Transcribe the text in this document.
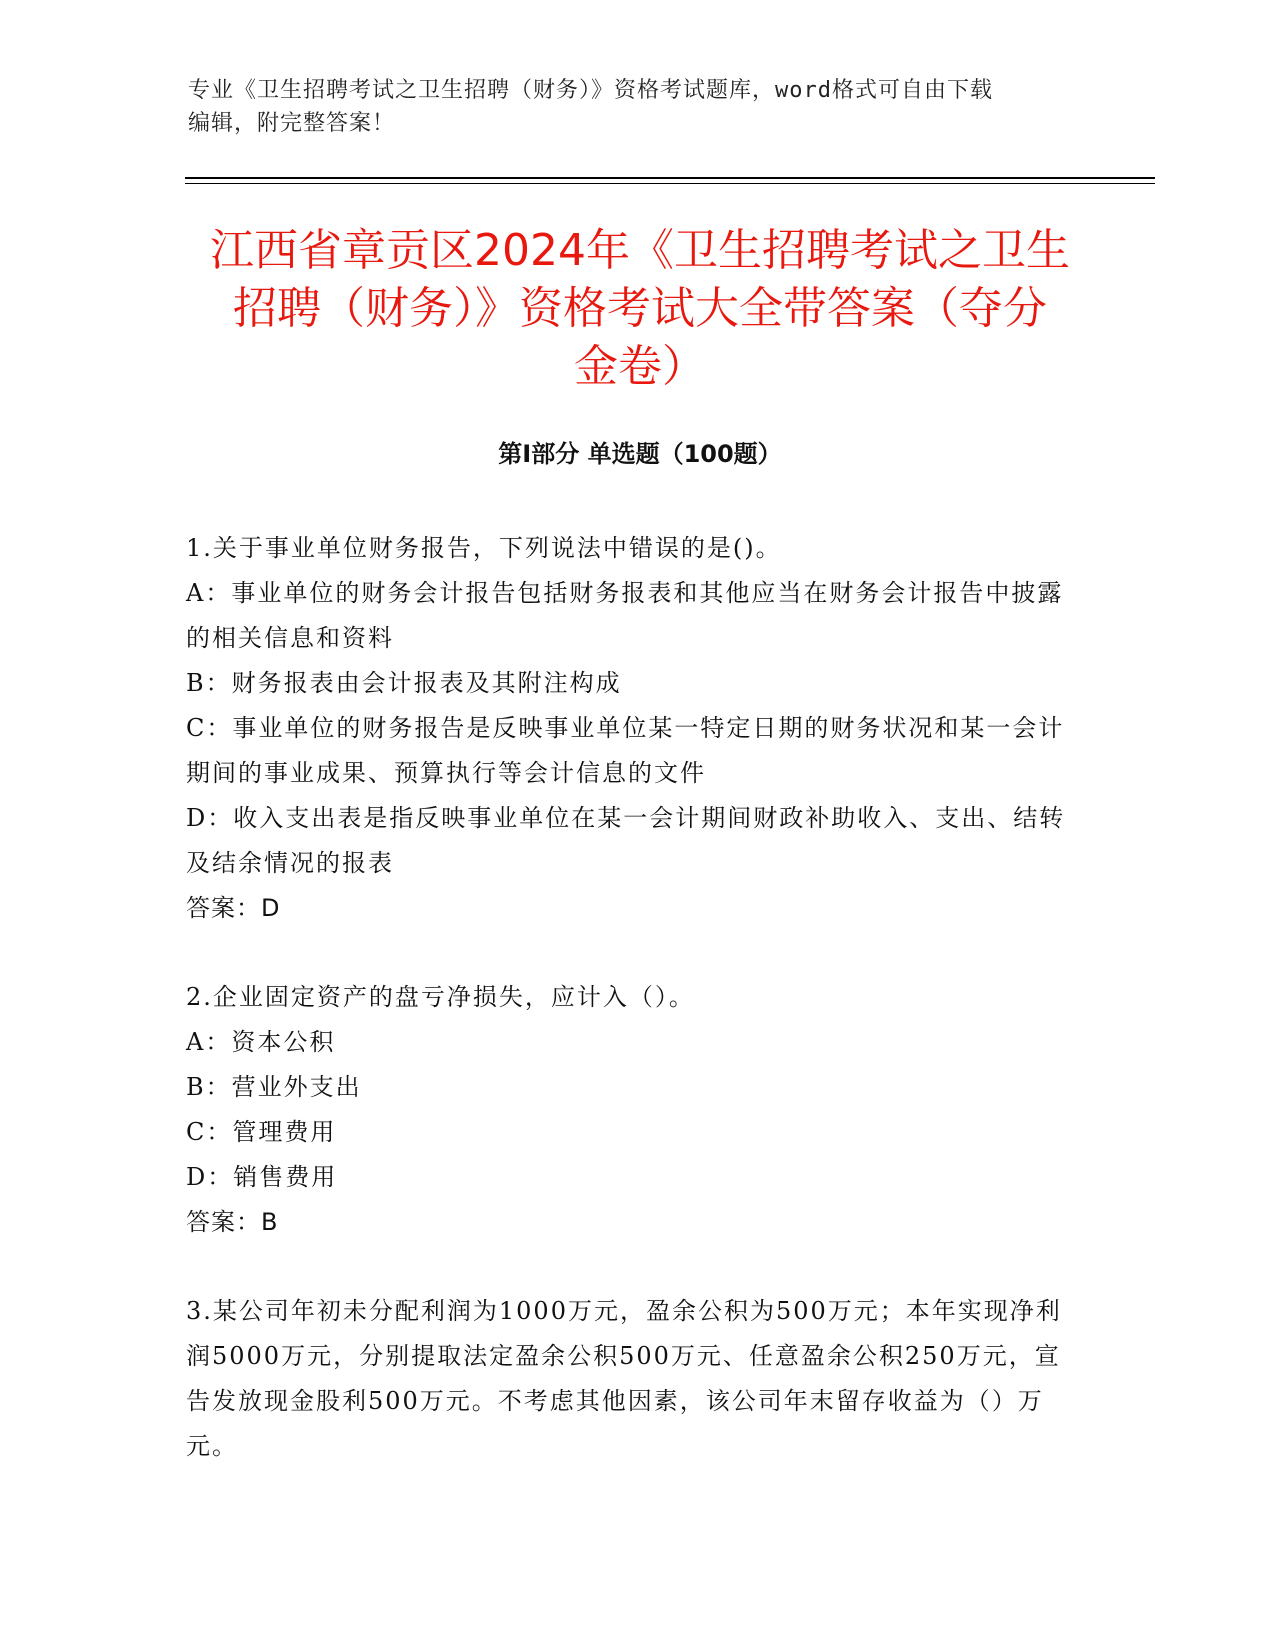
专业《卫生招聘考试之卫生招聘（财务）》资格考试题库，word格式可自由下载
编辑，附完整答案！
江西省章贡区2024年《卫生招聘考试之卫生
招聘（财务）》资格考试大全带答案（夺分
金卷）
第I部分 单选题（100题）

1.关于事业单位财务报告，下列说法中错误的是()。

A：事业单位的财务会计报告包括财务报表和其他应当在财务会计报告中披露的相关信息和资料

B：财务报表由会计报表及其附注构成

C：事业单位的财务报告是反映事业单位某一特定日期的财务状况和某一会计期间的事业成果、预算执行等会计信息的文件

D：收入支出表是指反映事业单位在某一会计期间财政补助收入、支出、结转及结余情况的报表

答案：D

2.企业固定资产的盘亏净损失，应计入（）。

A：资本公积

B：营业外支出

C：管理费用

D：销售费用

答案：B

3.某公司年初未分配利润为1000万元，盈余公积为500万元；本年实现净利润5000万元，分别提取法定盈余公积500万元、任意盈余公积250万元，宣告发放现金股利500万元。不考虑其他因素，该公司年末留存收益为（）万元。
